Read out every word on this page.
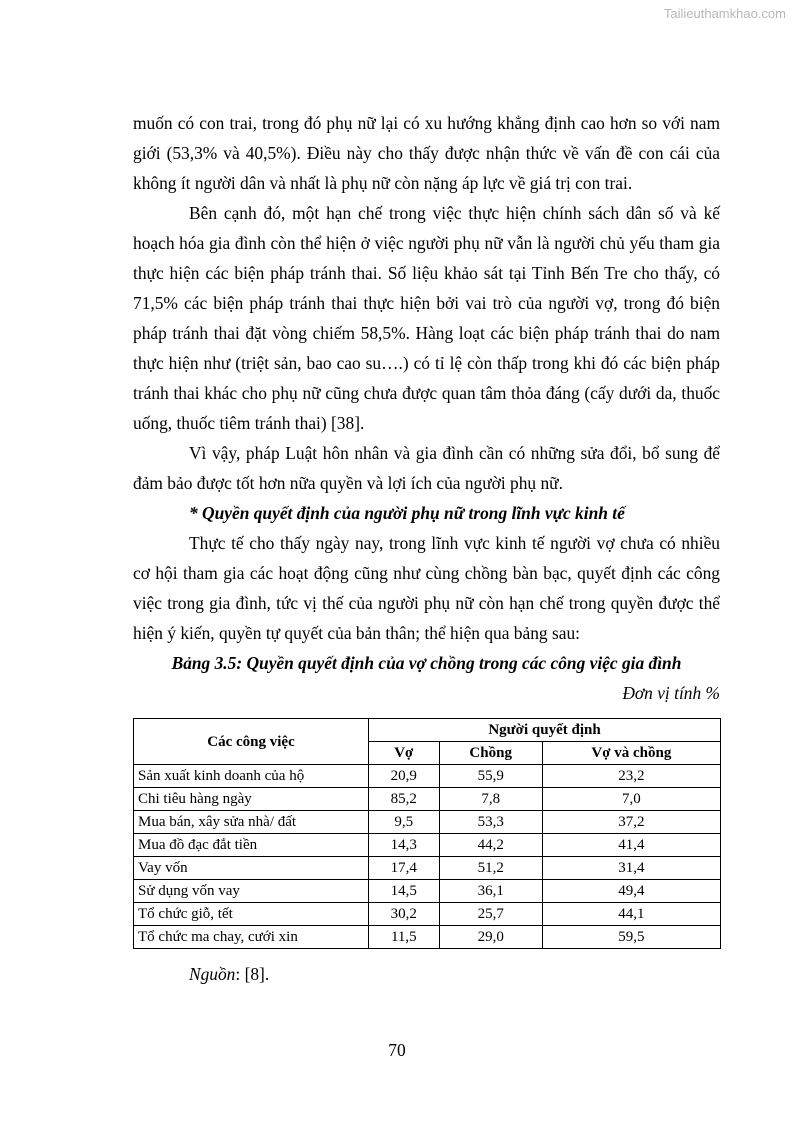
Tailieuthamkhao.com

muốn có con trai, trong đó phụ nữ lại có xu hướng khẳng định cao hơn so với nam giới (53,3% và 40,5%). Điều này cho thấy được nhận thức về vấn đề con cái của không ít người dân và nhất là phụ nữ còn nặng áp lực về giá trị con trai.

Bên cạnh đó, một hạn chế trong việc thực hiện chính sách dân số và kế hoạch hóa gia đình còn thể hiện ở việc người phụ nữ vẫn là người chủ yếu tham gia thực hiện các biện pháp tránh thai. Số liệu khảo sát tại Tỉnh Bến Tre cho thấy, có 71,5% các biện pháp tránh thai thực hiện bởi vai trò của người vợ, trong đó biện pháp tránh thai đặt vòng chiếm 58,5%. Hàng loạt các biện pháp tránh thai do nam thực hiện như (triệt sản, bao cao su….) có tỉ lệ còn thấp trong khi đó các biện pháp tránh thai khác cho phụ nữ cũng chưa được quan tâm thỏa đáng (cấy dưới da, thuốc uống, thuốc tiêm tránh thai) [38].

Vì vậy, pháp Luật hôn nhân và gia đình cần có những sửa đổi, bổ sung để đảm bảo được tốt hơn nữa quyền và lợi ích của người phụ nữ.

* Quyền quyết định của người phụ nữ trong lĩnh vực kinh tế

Thực tế cho thấy ngày nay, trong lĩnh vực kinh tế người vợ chưa có nhiều cơ hội tham gia các hoạt động cũng như cùng chồng bàn bạc, quyết định các công việc trong gia đình, tức vị thế của người phụ nữ còn hạn chế trong quyền được thể hiện ý kiến, quyền tự quyết của bản thân; thể hiện qua bảng sau:

Bảng 3.5: Quyền quyết định của vợ chồng trong các công việc gia đình

Đơn vị tính %

Các công việc	Người quyết định		
	Vợ	Chồng	Vợ và chồng
Sản xuất kinh doanh của hộ	20,9	55,9	23,2
Chi tiêu hàng ngày	85,2	7,8	7,0
Mua bán, xây sửa nhà/ đất	9,5	53,3	37,2
Mua đồ đạc đắt tiền	14,3	44,2	41,4
Vay vốn	17,4	51,2	31,4
Sử dụng vốn vay	14,5	36,1	49,4
Tổ chức giỗ, tết	30,2	25,7	44,1
Tổ chức ma chay, cưới xin	11,5	29,0	59,5

Nguồn: [8].

70
